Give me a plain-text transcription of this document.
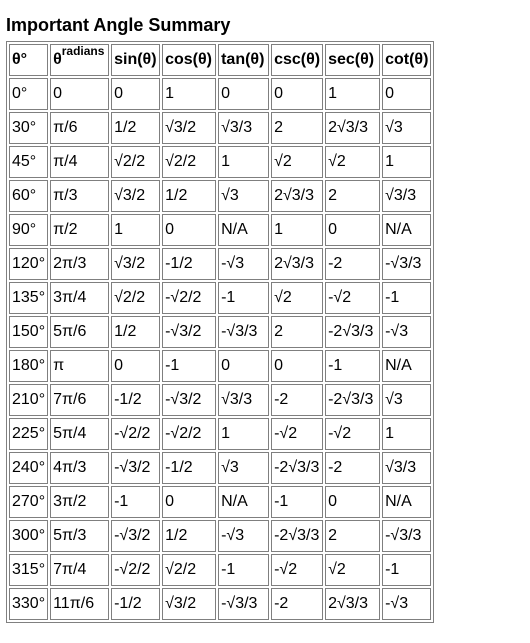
Important Angle Summary
θ°	$\theta^{radians}$	sin(θ)	cos(θ)	tan(θ)	csc(θ)	sec(θ)	cot(θ)
0°	0	0	1	0	0	1	0
30°	π/6	1/2	√3/2	√3/3	2	2√3/3	√3
45°	π/4	√2/2	√2/2	1	√2	√2	1
60°	π/3	√3/2	1/2	√3	2√3/3	2	√3/3
90°	π/2	1	0	N/A	1	0	N/A
120°	2π/3	√3/2	-1/2	-√3	2√3/3	-2	-√3/3
135°	3π/4	√2/2	-√2/2	-1	√2	-√2	-1
150°	5π/6	1/2	-√3/2	-√3/3	2	-2√3/3	-√3
180°	π	0	-1	0	0	-1	N/A
210°	7π/6	-1/2	-√3/2	√3/3	-2	-2√3/3	√3
225°	5π/4	-√2/2	-√2/2	1	-√2	-√2	1
240°	4π/3	-√3/2	-1/2	√3	-2√3/3	-2	√3/3
270°	3π/2	-1	0	N/A	-1	0	N/A
300°	5π/3	-√3/2	1/2	-√3	-2√3/3	2	-√3/3
315°	7π/4	-√2/2	√2/2	-1	-√2	√2	-1
330°	11π/6	-1/2	√3/2	-√3/3	-2	2√3/3	-√3
